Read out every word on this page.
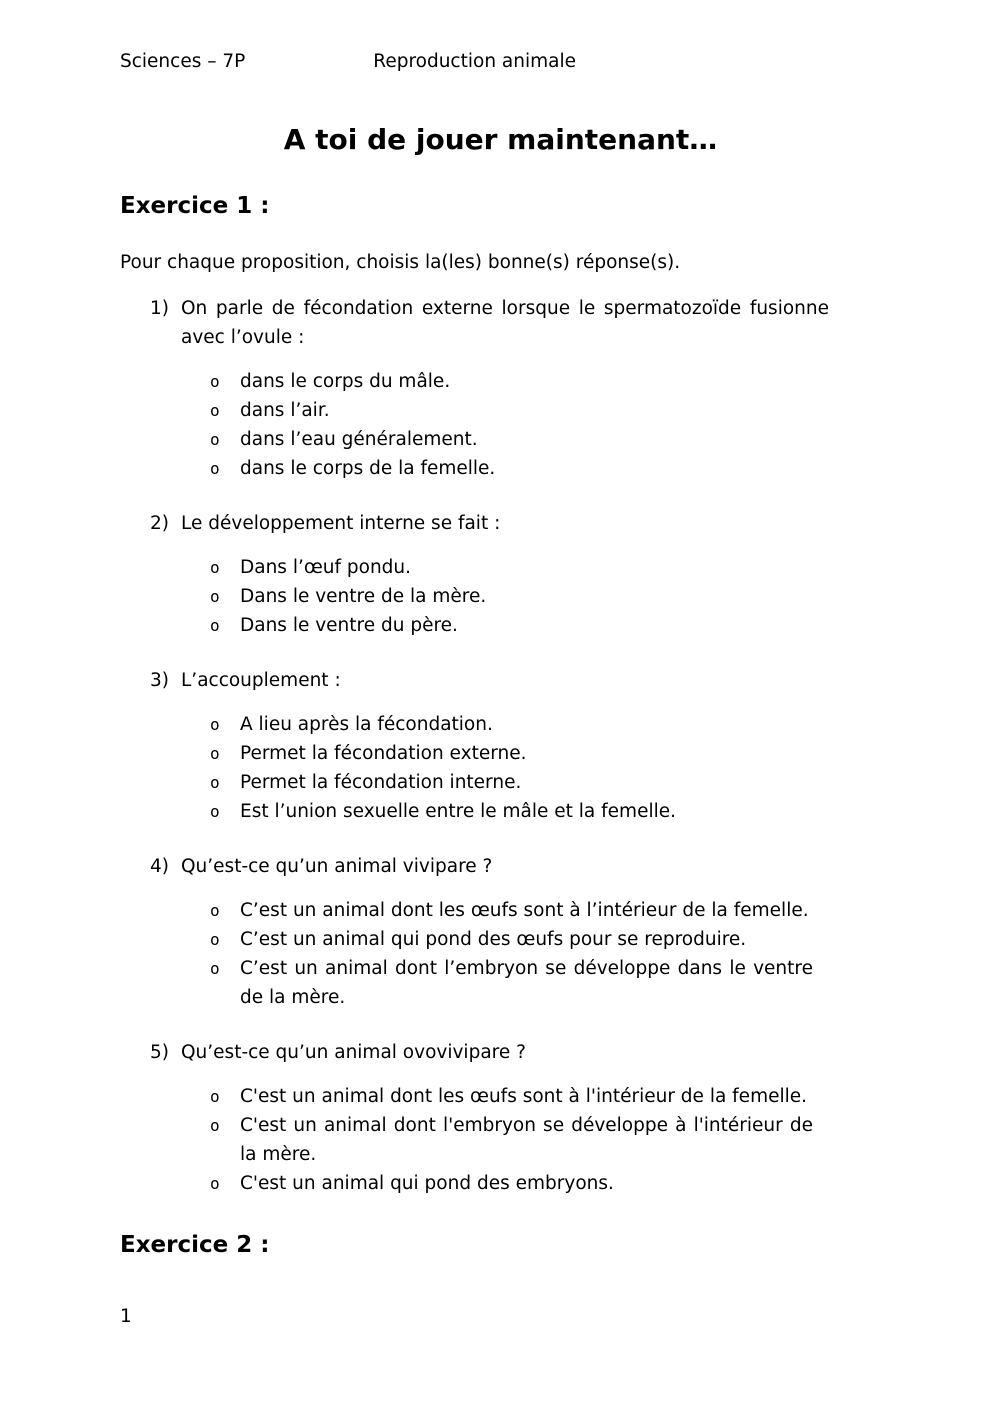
Sciences – 7P	Reproduction animale
A toi de jouer maintenant…
Exercice 1 :
Pour chaque proposition, choisis la(les) bonne(s) réponse(s).
1) On parle de fécondation externe lorsque le spermatozoïde fusionne avec l’ovule :
o	dans le corps du mâle.
o	dans l’air.
o	dans l’eau généralement.
o	dans le corps de la femelle.
2) Le développement interne se fait :
o	Dans l’œuf pondu.
o	Dans le ventre de la mère.
o	Dans le ventre du père.
3) L’accouplement :
o	A lieu après la fécondation.
o	Permet la fécondation externe.
o	Permet la fécondation interne.
o	Est l’union sexuelle entre le mâle et la femelle.
4) Qu’est-ce qu’un animal vivipare ?
o	C’est un animal dont les œufs sont à l’intérieur de la femelle.
o	C’est un animal qui pond des œufs pour se reproduire.
o	C’est un animal dont l’embryon se développe dans le ventre de la mère.
5) Qu’est-ce qu’un animal ovovivipare ?
o	C'est un animal dont les œufs sont à l'intérieur de la femelle.
o	C'est un animal dont l'embryon se développe à l'intérieur de la mère.
o	C'est un animal qui pond des embryons.
Exercice 2 :
1
